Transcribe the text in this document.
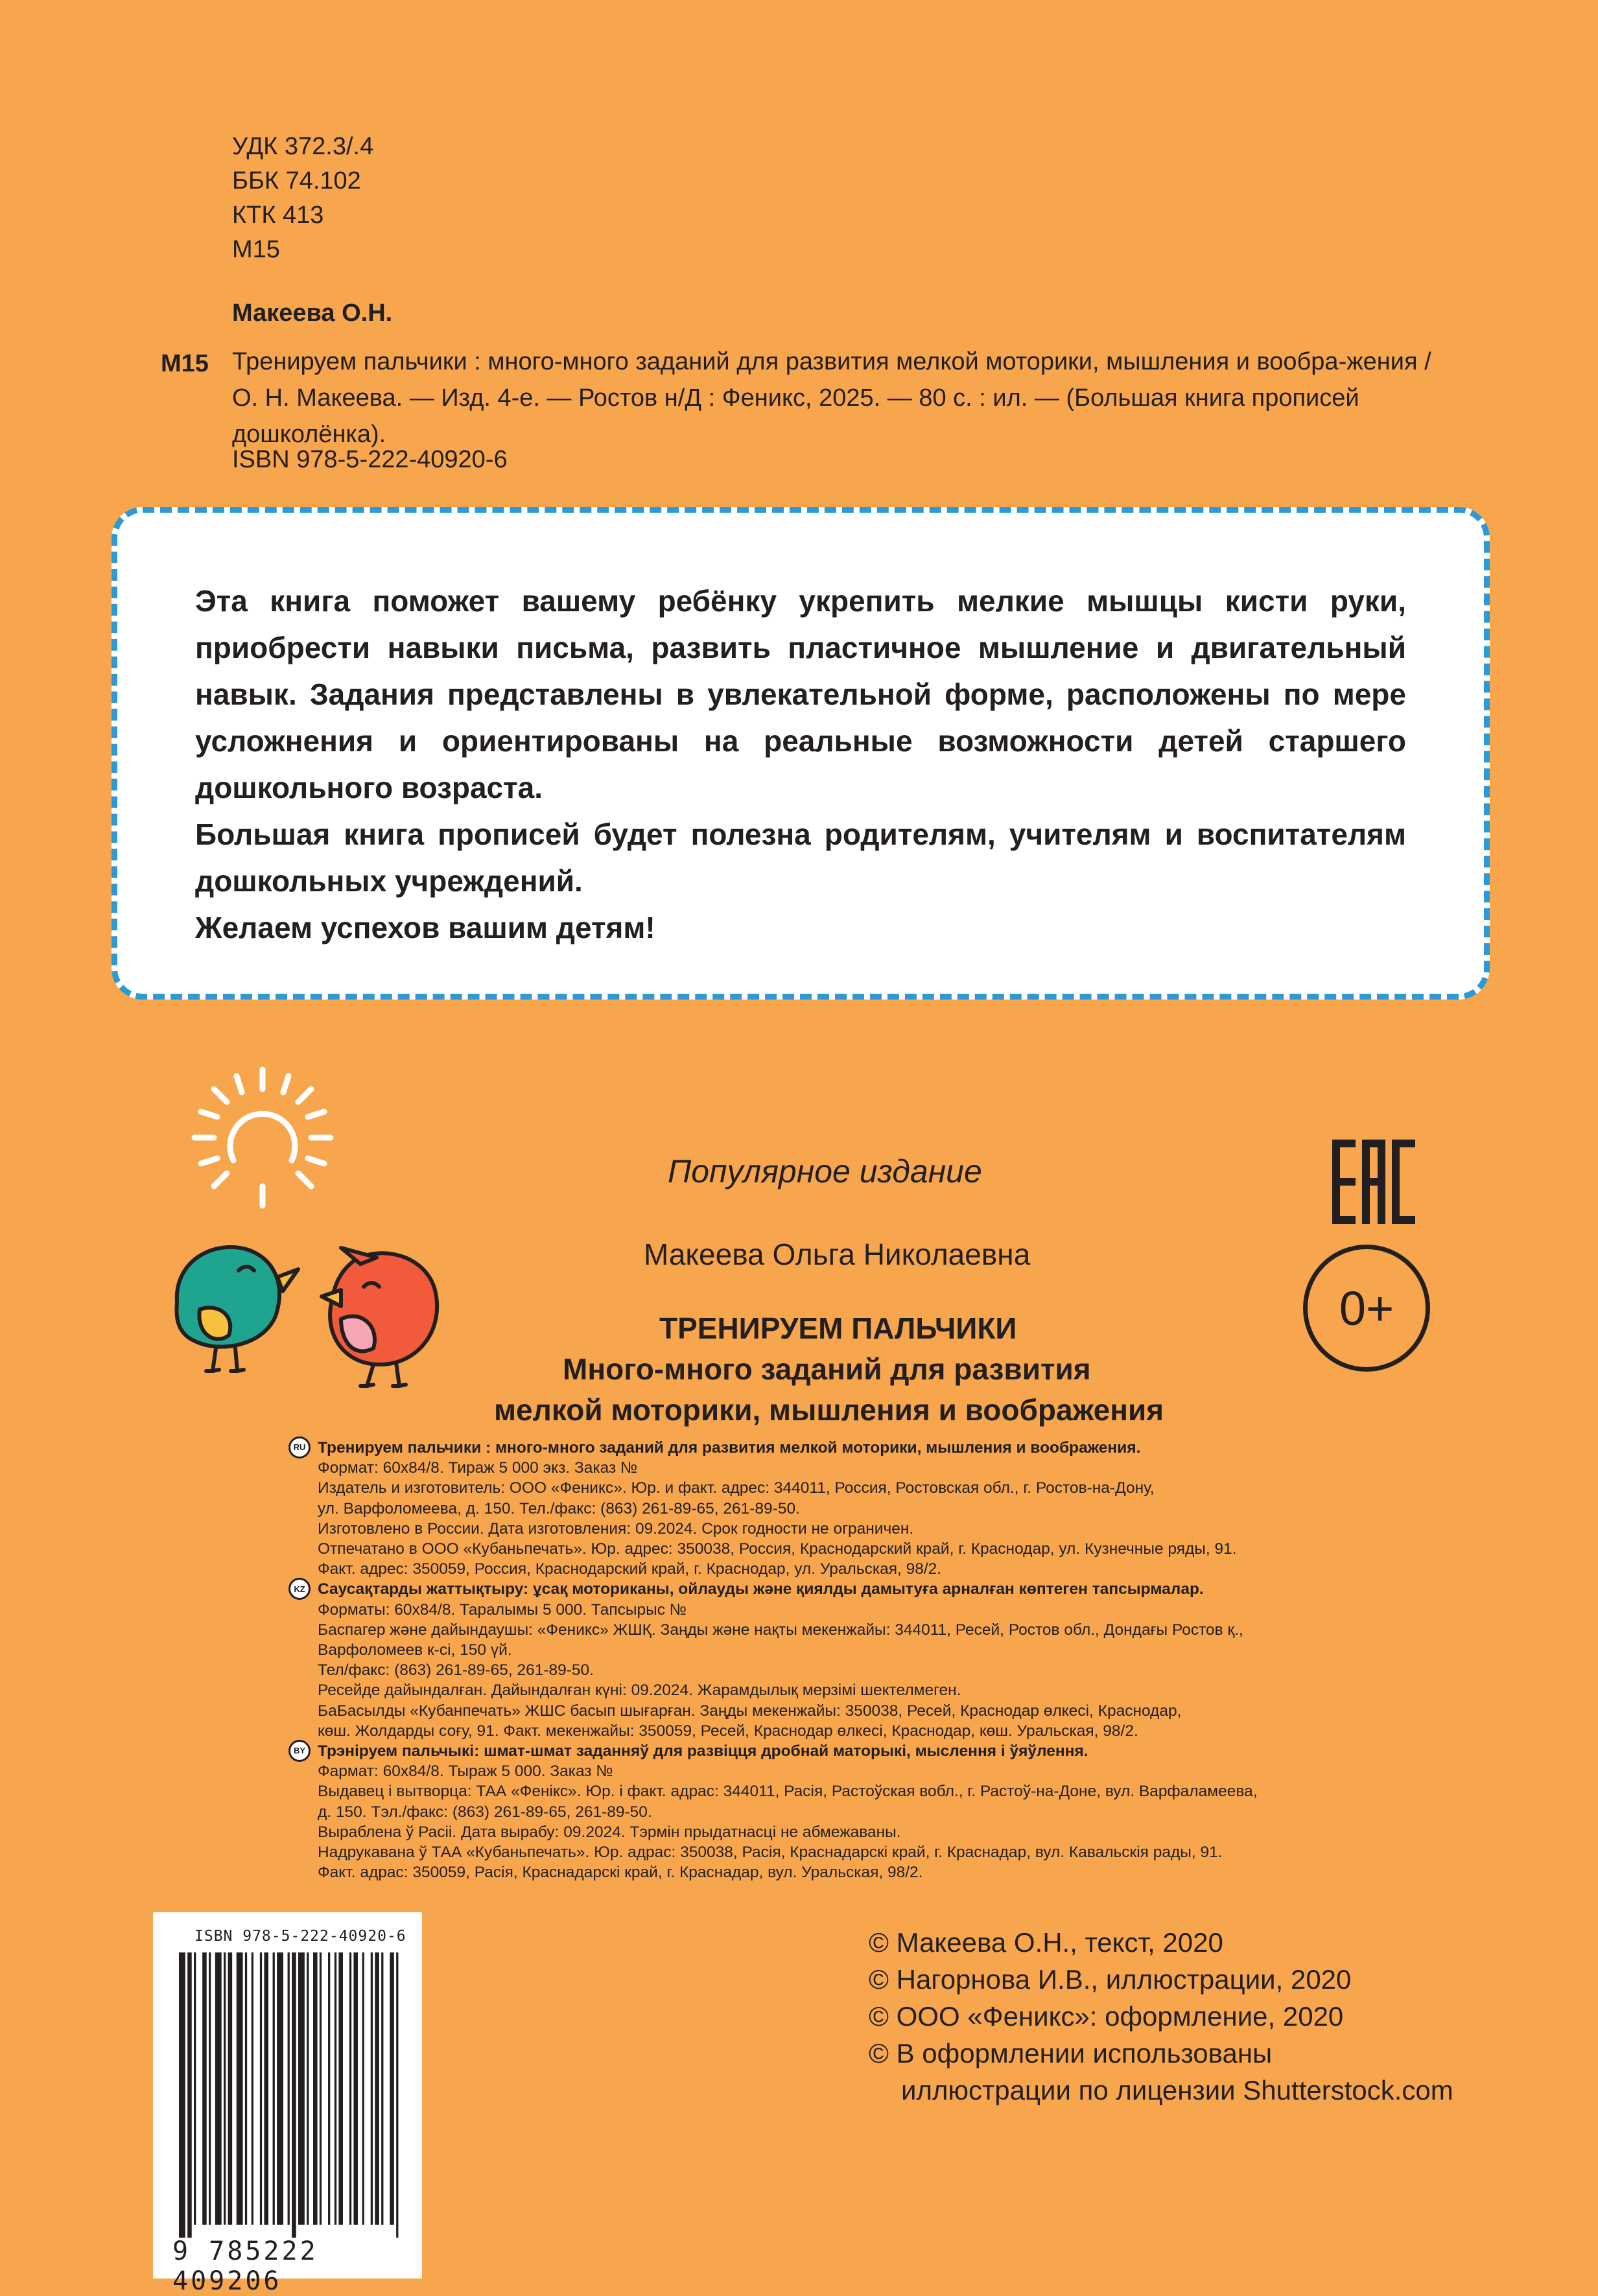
УДК 372.3/.4
ББК 74.102
КТК 413
М15
Макеева О.Н.
М15 Тренируем пальчики : много-много заданий для развития мелкой моторики, мышления и вообра-жения / О. Н. Макеева. — Изд. 4-е. — Ростов н/Д : Феникс, 2025. — 80 с. : ил. — (Большая книга прописей дошколёнка).
ISBN 978-5-222-40920-6

Эта книга поможет вашему ребёнку укрепить мелкие мышцы кисти руки, приобрести навыки письма, развить пластичное мышление и двигательный навык. Задания представлены в увлекательной форме, расположены по мере усложнения и ориентированы на реальные возможности детей старшего дошкольного возраста.

Большая книга прописей будет полезна родителям, учителям и воспитателям дошкольных учреждений.

Желаем успехов вашим детям!

Популярное издание
Макеева Ольга Николаевна
ТРЕНИРУЕМ ПАЛЬЧИКИ
Много-много заданий для развития
мелкой моторики, мышления и воображения
0+
RU Тренируем пальчики : много-много заданий для развития мелкой моторики, мышления и воображения.
Формат: 60х84/8. Тираж 5 000 экз. Заказ №
Издатель и изготовитель: ООО «Феникс». Юр. и факт. адрес: 344011, Россия, Ростовская обл., г. Ростов-на-Дону,
ул. Варфоломеева, д. 150. Тел./факс: (863) 261-89-65, 261-89-50.
Изготовлено в России. Дата изготовления: 09.2024. Срок годности не ограничен.
Отпечатано в ООО «Кубаньпечать». Юр. адрес: 350038, Россия, Краснодарский край, г. Краснодар, ул. Кузнечные ряды, 91.
Факт. адрес: 350059, Россия, Краснодарский край, г. Краснодар, ул. Уральская, 98/2.
KZ Саусақтарды жаттықтыру: ұсақ моториканы, ойлауды және қиялды дамытуға арналған көптеген тапсырмалар.
Форматы: 60х84/8. Таралымы 5 000. Тапсырыс №
Баспагер және дайындаушы: «Феникс» ЖШҚ. Заңды және нақты мекенжайы: 344011, Ресей, Ростов обл., Дондағы Ростов қ.,
Варфоломеев к-сі, 150 үй.
Тел/факс: (863) 261-89-65, 261-89-50.
Ресейде дайындалған. Дайындалған күні: 09.2024. Жарамдылық мерзімі шектелмеген.
БаБасылды «Кубанпечать» ЖШС басып шығарған. Заңды мекенжайы: 350038, Ресей, Краснодар өлкесі, Краснодар,
көш. Жолдарды соғу, 91. Факт. мекенжайы: 350059, Ресей, Краснодар өлкесі, Краснодар, көш. Уральская, 98/2.
BY Трэніруем пальчыкі: шмат-шмат заданняў для развіцця дробнай маторыкі, мыслення і ўяўлення.
Фармат: 60х84/8. Тыраж 5 000. Заказ №
Выдавец і вытворца: ТАА «Фенікс». Юр. і факт. адрас: 344011, Расія, Растоўская вобл., г. Растоў-на-Доне, вул. Варфаламеева,
д. 150. Тэл./факс: (863) 261-89-65, 261-89-50.
Выраблена ў Расіі. Дата вырабу: 09.2024. Тэрмін прыдатнасці не абмежаваны.
Надрукавана ў ТАА «Кубаньпечать». Юр. адрас: 350038, Расія, Краснадарскі край, г. Краснадар, вул. Кавальскія рады, 91.
Факт. адрас: 350059, Расія, Краснадарскі край, г. Краснадар, вул. Уральская, 98/2.
ISBN 978-5-222-40920-6
9 785222 409206
© Макеева О.Н., текст, 2020
© Нагорнова И.В., иллюстрации, 2020
© ООО «Феникс»: оформление, 2020
© В оформлении использованы
иллюстрации по лицензии Shutterstock.com
